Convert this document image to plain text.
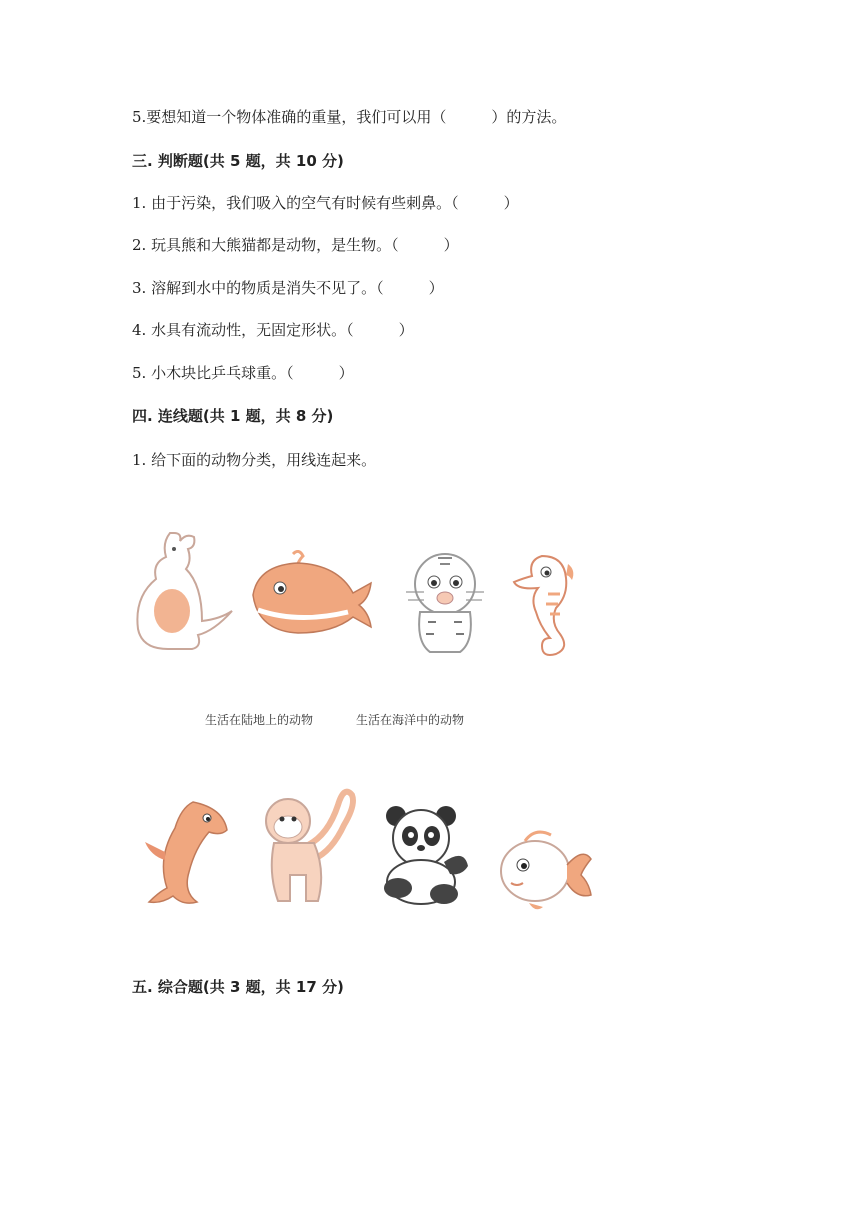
5.要想知道一个物体准确的重量，我们可以用（　　　）的方法。
三. 判断题(共 5 题，共 10 分)
1. 由于污染，我们吸入的空气有时候有些刺鼻。（　　　）
2. 玩具熊和大熊猫都是动物，是生物。（　　　）
3. 溶解到水中的物质是消失不见了。（　　　）
4. 水具有流动性，无固定形状。（　　　）
5. 小木块比乒乓球重。（　　　）
四. 连线题(共 1 题，共 8 分)
1. 给下面的动物分类，用线连起来。
生活在陆地上的动物	生活在海洋中的动物
五. 综合题(共 3 题，共 17 分)
